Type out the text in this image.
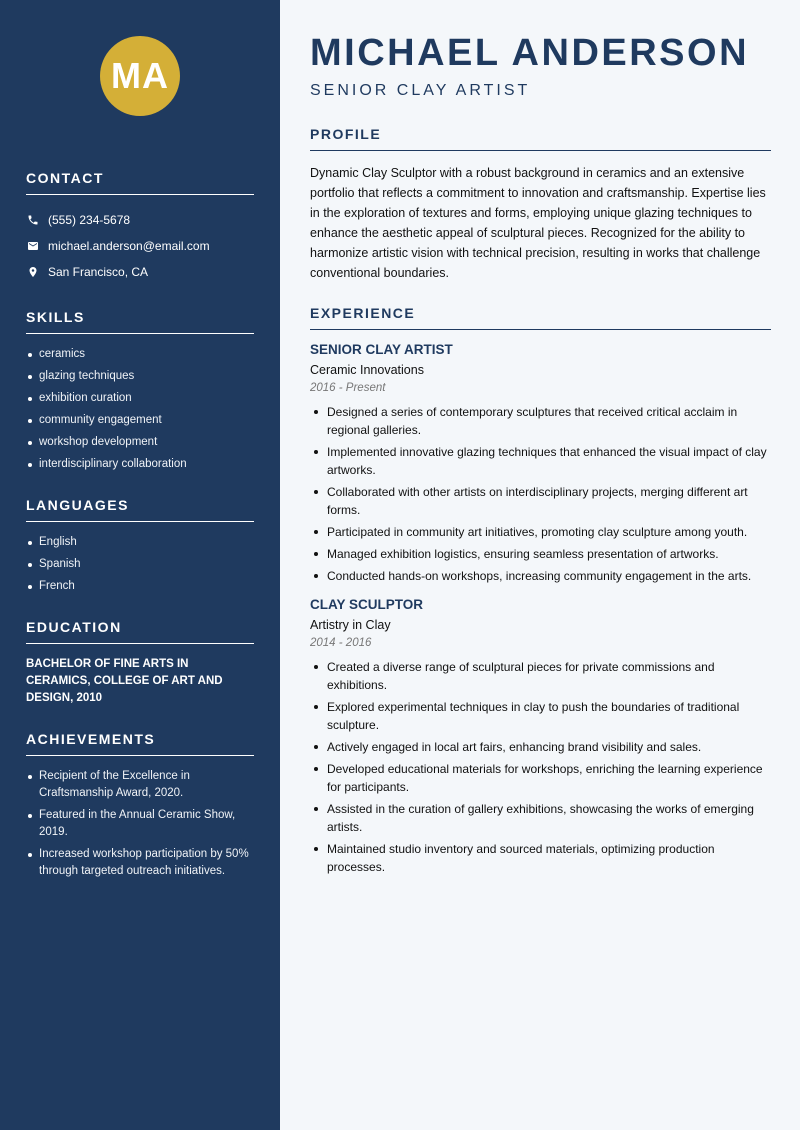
MA
CONTACT
(555) 234-5678
michael.anderson@email.com
San Francisco, CA
SKILLS
ceramics
glazing techniques
exhibition curation
community engagement
workshop development
interdisciplinary collaboration
LANGUAGES
English
Spanish
French
EDUCATION
BACHELOR OF FINE ARTS IN CERAMICS, COLLEGE OF ART AND DESIGN, 2010
ACHIEVEMENTS
Recipient of the Excellence in Craftsmanship Award, 2020.
Featured in the Annual Ceramic Show, 2019.
Increased workshop participation by 50% through targeted outreach initiatives.
MICHAEL ANDERSON
SENIOR CLAY ARTIST
PROFILE

Dynamic Clay Sculptor with a robust background in ceramics and an extensive portfolio that reflects a commitment to innovation and craftsmanship. Expertise lies in the exploration of textures and forms, employing unique glazing techniques to enhance the aesthetic appeal of sculptural pieces. Recognized for the ability to harmonize artistic vision with technical precision, resulting in works that challenge conventional boundaries.

EXPERIENCE
SENIOR CLAY ARTIST
Ceramic Innovations
2016 - Present
Designed a series of contemporary sculptures that received critical acclaim in regional galleries.
Implemented innovative glazing techniques that enhanced the visual impact of clay artworks.
Collaborated with other artists on interdisciplinary projects, merging different art forms.
Participated in community art initiatives, promoting clay sculpture among youth.
Managed exhibition logistics, ensuring seamless presentation of artworks.
Conducted hands-on workshops, increasing community engagement in the arts.
CLAY SCULPTOR
Artistry in Clay
2014 - 2016
Created a diverse range of sculptural pieces for private commissions and exhibitions.
Explored experimental techniques in clay to push the boundaries of traditional sculpture.
Actively engaged in local art fairs, enhancing brand visibility and sales.
Developed educational materials for workshops, enriching the learning experience for participants.
Assisted in the curation of gallery exhibitions, showcasing the works of emerging artists.
Maintained studio inventory and sourced materials, optimizing production processes.
